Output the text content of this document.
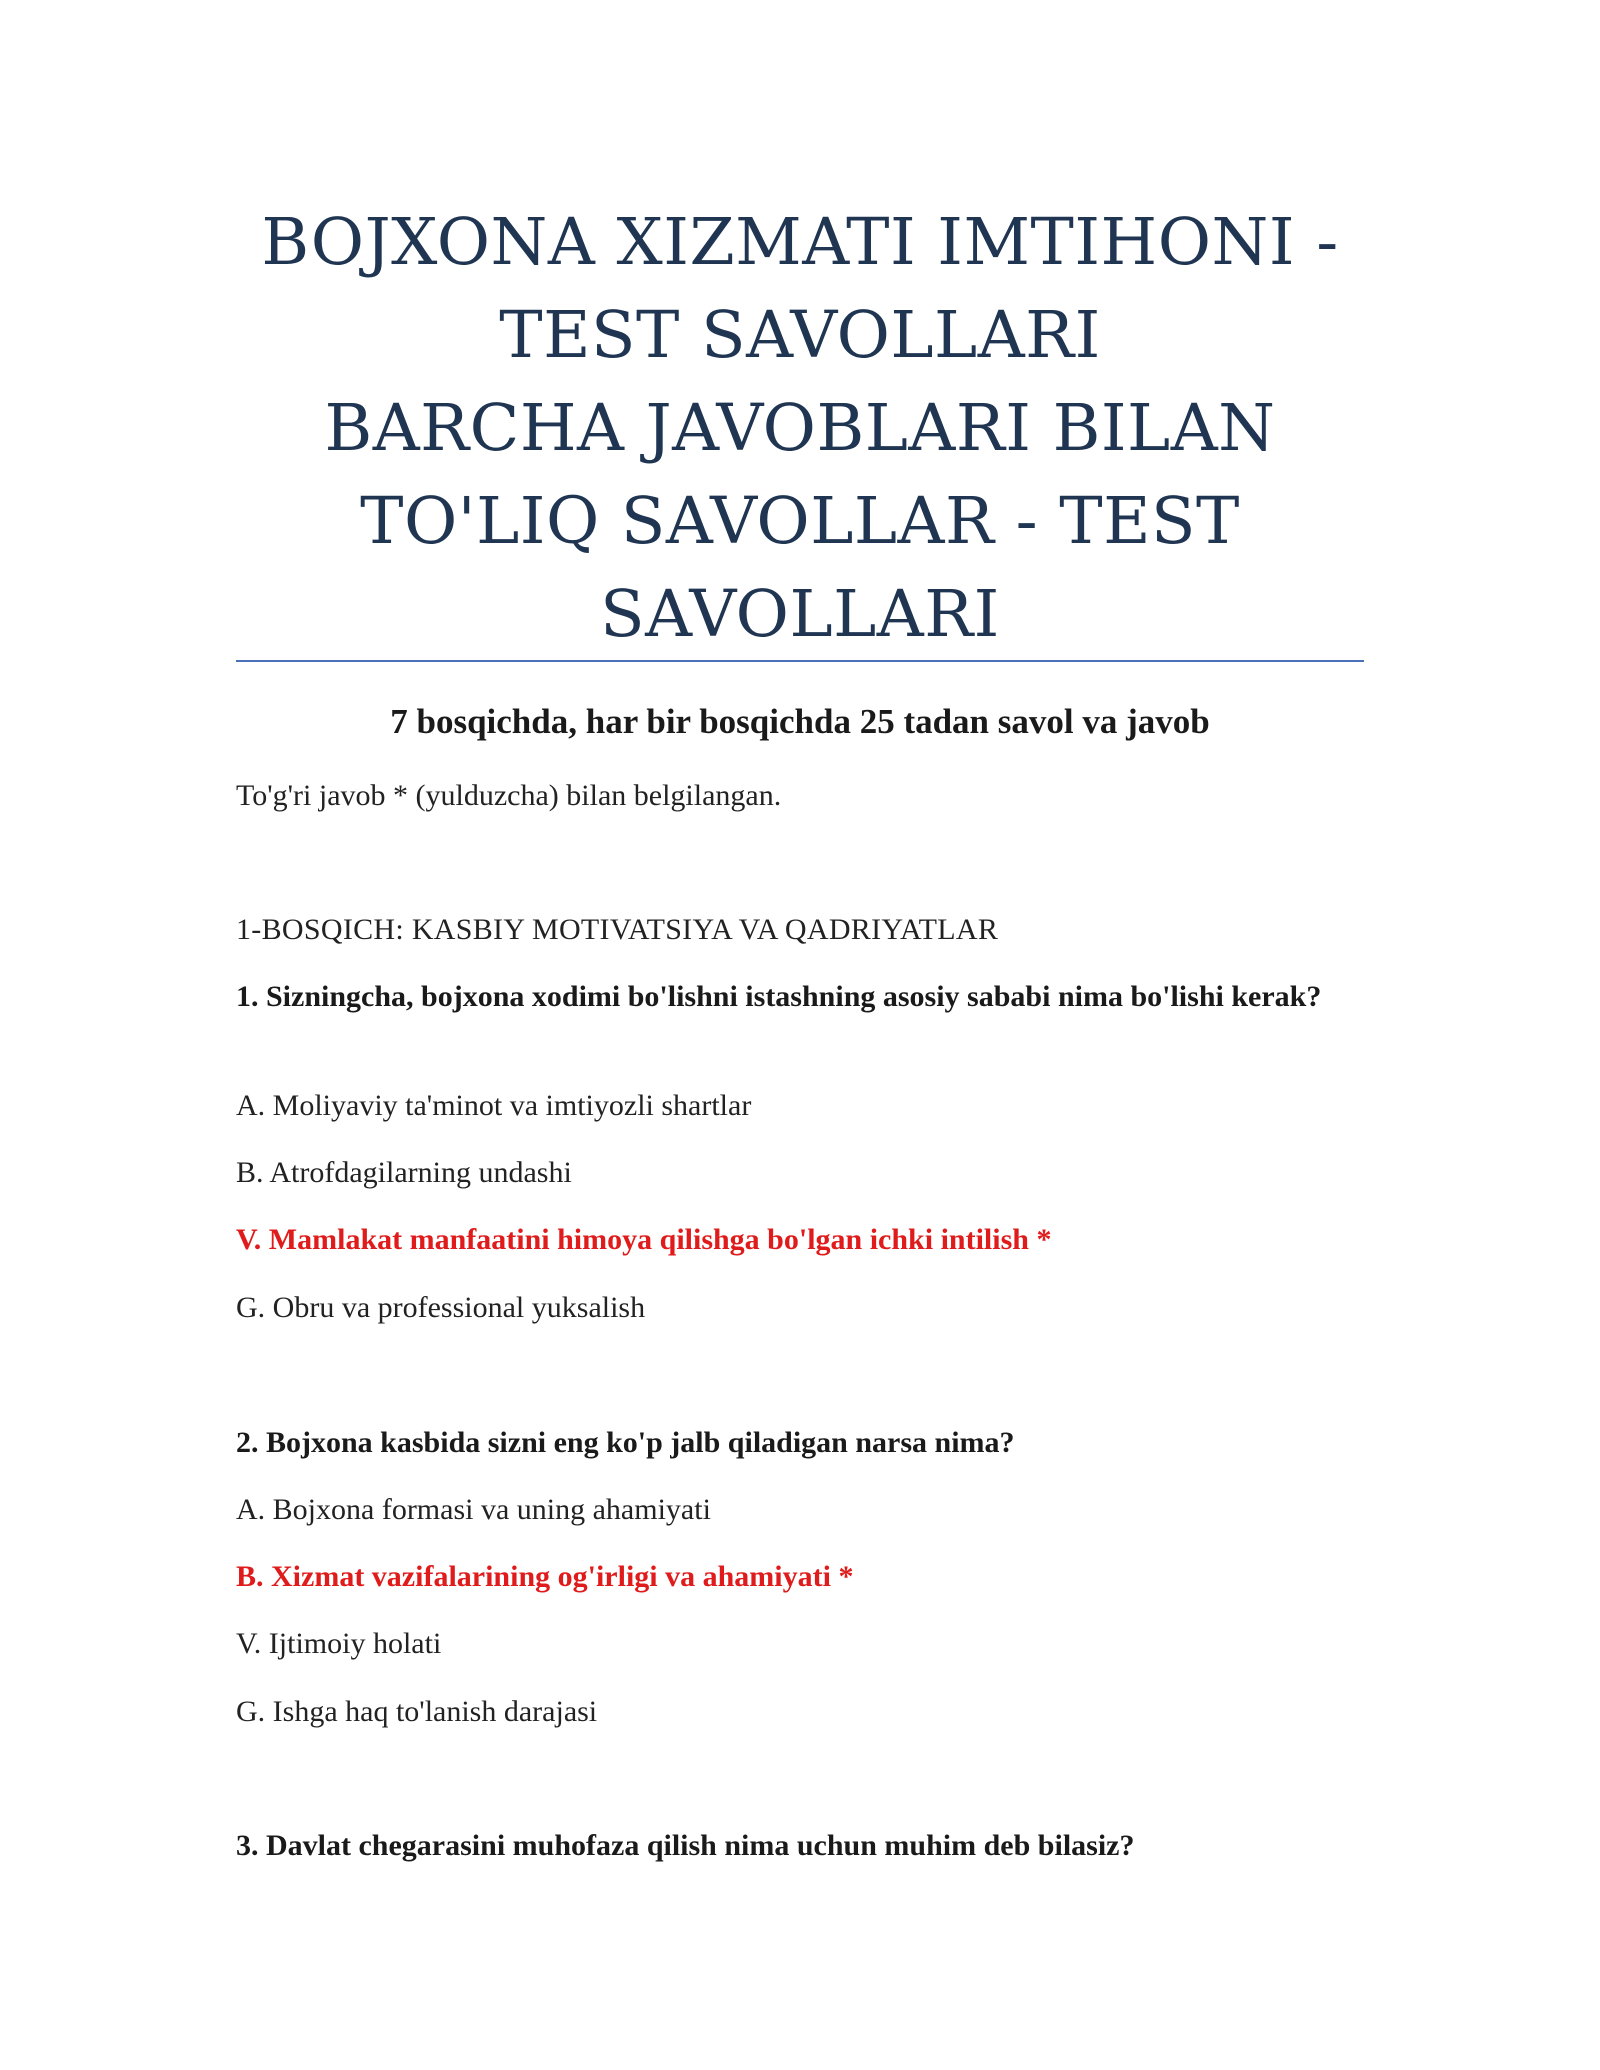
BOJXONA XIZMATI IMTIHONI -
TEST SAVOLLARI
BARCHA JAVOBLARI BILAN
TO'LIQ SAVOLLAR - TEST
SAVOLLARI
7 bosqichda, har bir bosqichda 25 tadan savol va javob
To'g'ri javob * (yulduzcha) bilan belgilangan.
1-BOSQICH: KASBIY MOTIVATSIYA VA QADRIYATLAR
1. Sizningcha, bojxona xodimi bo'lishni istashning asosiy sababi nima bo'lishi kerak?
A. Moliyaviy ta'minot va imtiyozli shartlar
B. Atrofdagilarning undashi
V. Mamlakat manfaatini himoya qilishga bo'lgan ichki intilish *
G. Obru va professional yuksalish
2. Bojxona kasbida sizni eng ko'p jalb qiladigan narsa nima?
A. Bojxona formasi va uning ahamiyati
B. Xizmat vazifalarining og'irligi va ahamiyati *
V. Ijtimoiy holati
G. Ishga haq to'lanish darajasi
3. Davlat chegarasini muhofaza qilish nima uchun muhim deb bilasiz?
